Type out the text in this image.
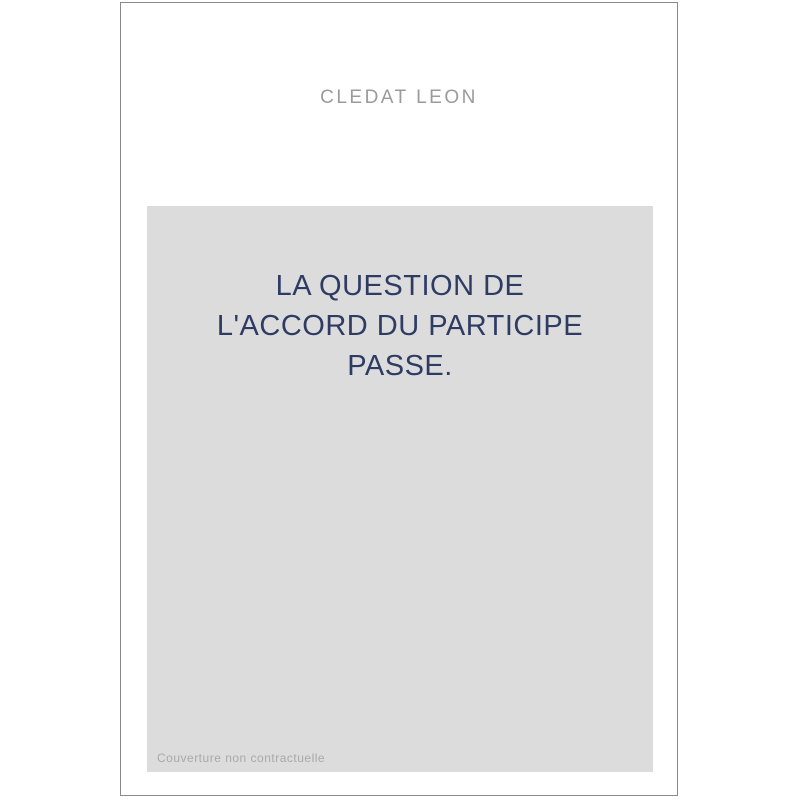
CLEDAT LEON
LA QUESTION DE
L'ACCORD DU PARTICIPE
PASSE.
Couverture non contractuelle
